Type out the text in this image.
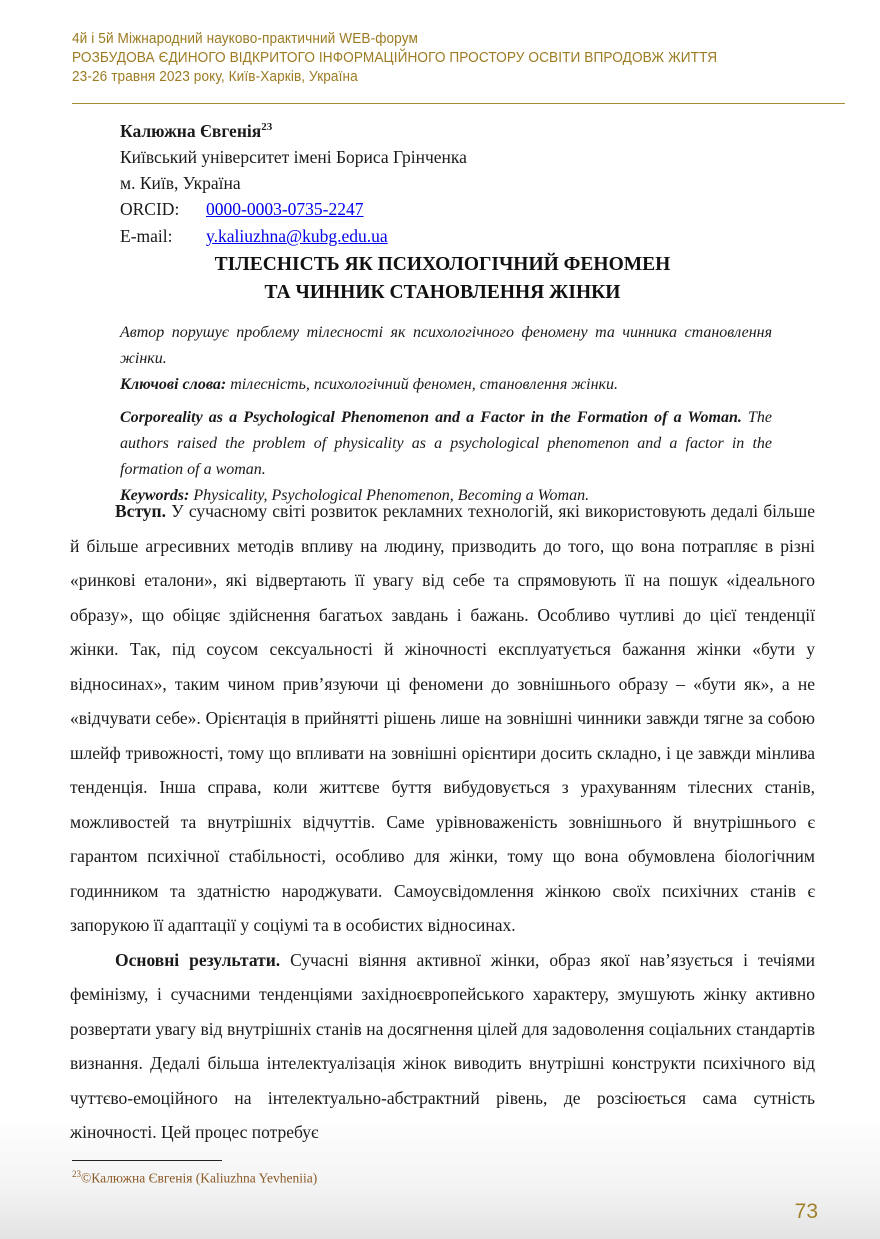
4й і 5й Міжнародний науково-практичний WEB-форум
РОЗБУДОВА ЄДИНОГО ВІДКРИТОГО ІНФОРМАЦІЙНОГО ПРОСТОРУ ОСВІТИ ВПРОДОВЖ ЖИТТЯ
23-26 травня 2023 року, Київ-Харків, Україна
Калюжна Євгенія$^{23}$
Київський університет імені Бориса Грінченка
м. Київ, Україна
ORCID:	0000-0003-0735-2247
E-mail:	y.kaliuzhna@kubg.edu.ua
ТІЛЕСНІСТЬ ЯК ПСИХОЛОГІЧНИЙ ФЕНОМЕН
ТА ЧИННИК СТАНОВЛЕННЯ ЖІНКИ

Автор порушує проблему тілесності як психологічного феномену та чинника становлення жінки.

Ключові слова: тілесність, психологічний феномен, становлення жінки.

Corporeality as a Psychological Phenomenon and a Factor in the Formation of a Woman. The authors raised the problem of physicality as a psychological phenomenon and a factor in the formation of a woman.

Keywords: Physicality, Psychological Phenomenon, Becoming a Woman.

Вступ. У сучасному світі розвиток рекламних технологій, які використовують дедалі більше й більше агресивних методів впливу на людину, призводить до того, що вона потрапляє в різні «ринкові еталони», які відвертають її увагу від себе та спрямовують її на пошук «ідеального образу», що обіцяє здійснення багатьох завдань і бажань. Особливо чутливі до цієї тенденції жінки. Так, під соусом сексуальності й жіночності експлуатується бажання жінки «бути у відносинах», таким чином прив’язуючи ці феномени до зовнішнього образу – «бути як», а не «відчувати себе». Орієнтація в прийнятті рішень лише на зовнішні чинники завжди тягне за собою шлейф тривожності, тому що впливати на зовнішні орієнтири досить складно, і це завжди мінлива тенденція. Інша справа, коли життєве буття вибудовується з урахуванням тілесних станів, можливостей та внутрішніх відчуттів. Саме урівноваженість зовнішнього й внутрішнього є гарантом психічної стабільності, особливо для жінки, тому що вона обумовлена біологічним годинником та здатністю народжувати. Самоусвідомлення жінкою своїх психічних станів є запорукою її адаптації у соціумі та в особистих відносинах.

Основні результати. Сучасні віяння активної жінки, образ якої нав’язується і течіями фемінізму, і сучасними тенденціями західноєвропейського характеру, змушують жінку активно розвертати увагу від внутрішніх станів на досягнення цілей для задоволення соціальних стандартів визнання. Дедалі більша інтелектуалізація жінок виводить внутрішні конструкти психічного від чуттєво-емоційного на інтелектуально-абстрактний рівень, де розсіюється сама сутність жіночності. Цей процес потребує

$^{23}$©Калюжна Євгенія (Kaliuzhna Yevheniia)
73
